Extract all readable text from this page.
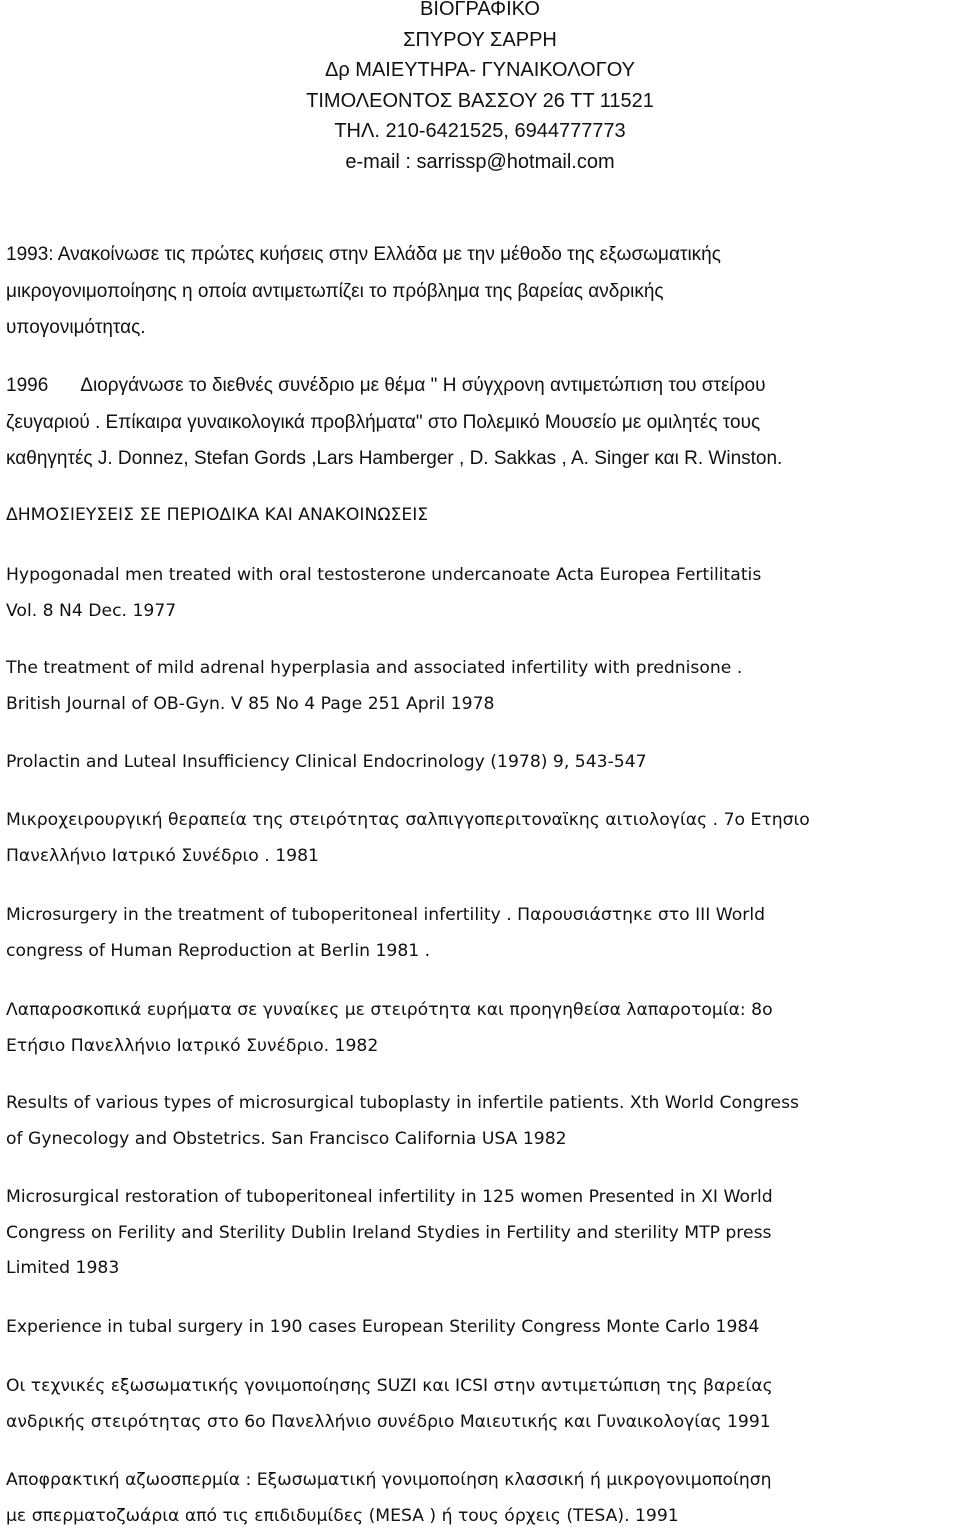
ΒΙΟΓΡΑΦΙΚΟ
ΣΠΥΡΟΥ ΣΑΡΡΗ
Δρ ΜΑΙΕΥΤΗΡΑ- ΓΥΝΑΙΚΟΛΟΓΟΥ
ΤΙΜΟΛΕΟΝΤΟΣ ΒΑΣΣΟΥ 26 ΤΤ 11521
ΤΗΛ. 210-6421525, 6944777773
e-mail : sarrissp@hotmail.com
1993: Ανακοίνωσε τις πρώτες κυήσεις στην Ελλάδα με την μέθοδο της εξωσωματικής
μικρογονιμοποίησης η οποία αντιμετωπίζει το πρόβλημα της βαρείας ανδρικής
υπογονιμότητας.
1996 Διοργάνωσε το διεθνές συνέδριο με θέμα " Η σύγχρονη αντιμετώπιση του στείρου
ζευγαριού . Επίκαιρα γυναικολογικά προβλήματα" στο Πολεμικό Μουσείο με ομιλητές τους
καθηγητές J. Donnez, Stefan Gords ,Lars Hamberger , D. Sakkas , A. Singer και R. Winston.
ΔΗΜΟΣΙΕΥΣΕΙΣ ΣΕ ΠΕΡΙΟΔΙΚΑ ΚΑΙ ΑΝΑΚΟΙΝΩΣΕΙΣ
Hypogonadal men treated with oral testosterone undercanoate Acta Europea Fertilitatis
Vol. 8 N4 Dec. 1977
The treatment of mild adrenal hyperplasia and associated infertility with prednisone .
British Journal of OB-Gyn. V 85 No 4 Page 251 April 1978
Prolactin and Luteal Insufficiency Clinical Endocrinology (1978) 9, 543-547
Μικροχειρουργική θεραπεία της στειρότητας σαλπιγγοπεριτοναϊκης αιτιολογίας . 7ο Ετησιο
Πανελλήνιο Ιατρικό Συνέδριο . 1981
Microsurgery in the treatment of tuboperitoneal infertility . Παρουσιάστηκε στο III World
congress of Human Reproduction at Berlin 1981 .
Λαπαροσκοπικά ευρήματα σε γυναίκες με στειρότητα και προηγηθείσα λαπαροτομία: 8ο
Ετήσιο Πανελλήνιο Ιατρικό Συνέδριο. 1982
Results of various types of microsurgical tuboplasty in infertile patients. Xth World Congress
of Gynecology and Obstetrics. San Francisco California USA 1982
Microsurgical restoration of tuboperitoneal infertility in 125 women Presented in XI World
Congress on Ferility and Sterility Dublin Ireland Stydies in Fertility and sterility MTP press
Limited 1983
Experience in tubal surgery in 190 cases European Sterility Congress Monte Carlo 1984
Οι τεχνικές εξωσωματικής γονιμοποίησης SUZI και ICSI στην αντιμετώπιση της βαρείας
ανδρικής στειρότητας στο 6ο Πανελλήνιο συνέδριο Μαιευτικής και Γυναικολογίας 1991
Αποφρακτική αζωοσπερμία : Εξωσωματική γονιμοποίηση κλασσική ή μικρογονιμοποίηση
με σπερματοζωάρια από τις επιδιδυμίδες (MESA ) ή τους όρχεις (TESA). 1991
